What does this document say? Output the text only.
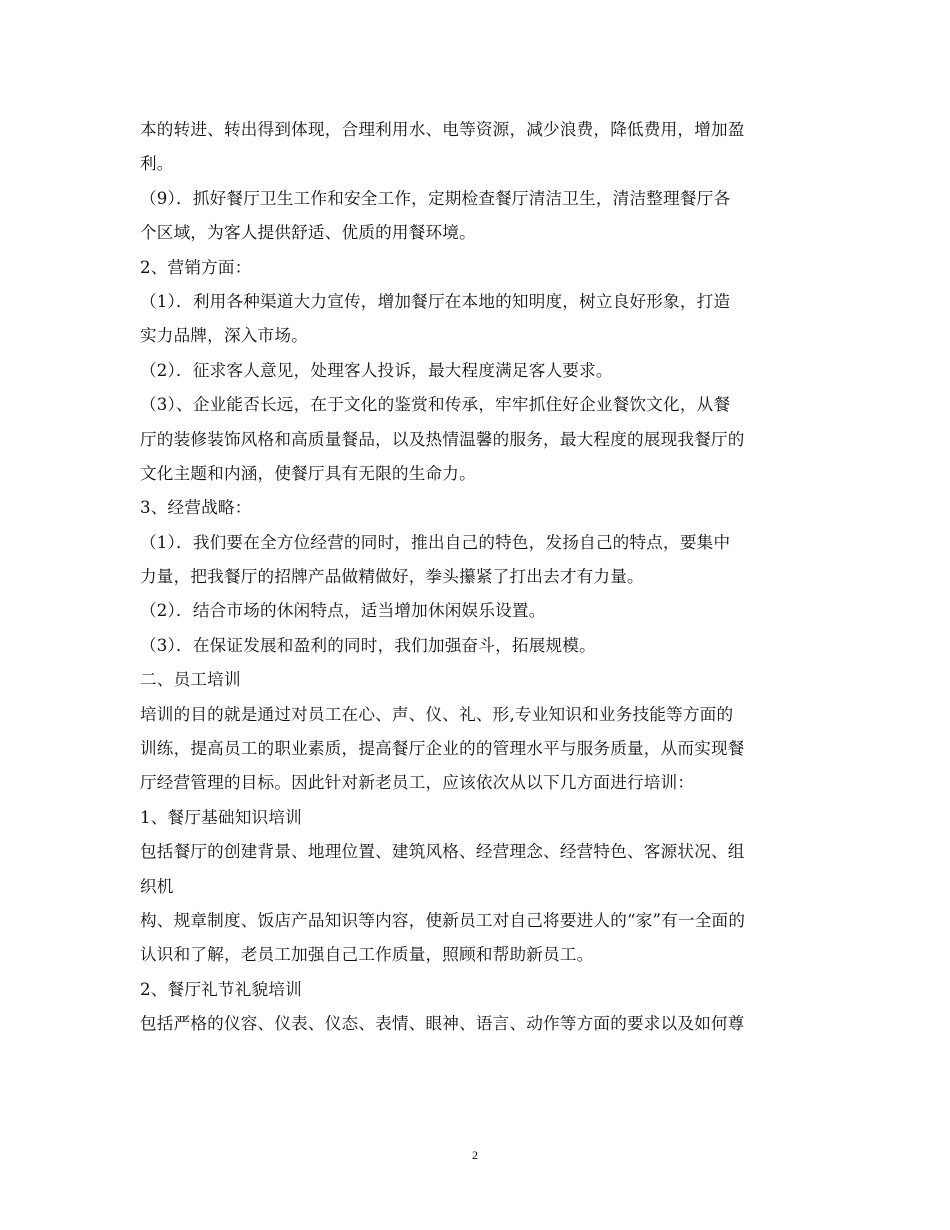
本的转进、转出得到体现，合理利用水、电等资源，减少浪费，降低费用，增加盈
利。
（9）．抓好餐厅卫生工作和安全工作，定期检查餐厅清洁卫生，清洁整理餐厅各
个区域，为客人提供舒适、优质的用餐环境。
2、营销方面：
（1）．利用各种渠道大力宣传，增加餐厅在本地的知明度，树立良好形象，打造
实力品牌，深入市场。
（2）．征求客人意见，处理客人投诉，最大程度满足客人要求。
（3）、企业能否长远，在于文化的鉴赏和传承，牢牢抓住好企业餐饮文化，从餐
厅的装修装饰风格和高质量餐品，以及热情温馨的服务，最大程度的展现我餐厅的
文化主题和内涵，使餐厅具有无限的生命力。
3、经营战略：
（1）．我们要在全方位经营的同时，推出自己的特色，发扬自己的特点，要集中
力量，把我餐厅的招牌产品做精做好，拳头攥紧了打出去才有力量。
（2）．结合市场的休闲特点，适当增加休闲娱乐设置。
（3）．在保证发展和盈利的同时，我们加强奋斗，拓展规模。
二、员工培训
培训的目的就是通过对员工在心、声、仪、礼、形,专业知识和业务技能等方面的
训练，提高员工的职业素质，提高餐厅企业的的管理水平与服务质量，从而实现餐
厅经营管理的目标。因此针对新老员工，应该依次从以下几方面进行培训：
1、餐厅基础知识培训
包括餐厅的创建背景、地理位置、建筑风格、经营理念、经营特色、客源状况、组
织机
构、规章制度、饭店产品知识等内容，使新员工对自己将要进人的“家”有一全面的
认识和了解，老员工加强自己工作质量，照顾和帮助新员工。
2、餐厅礼节礼貌培训
包括严格的仪容、仪表、仪态、表情、眼神、语言、动作等方面的要求以及如何尊
2
